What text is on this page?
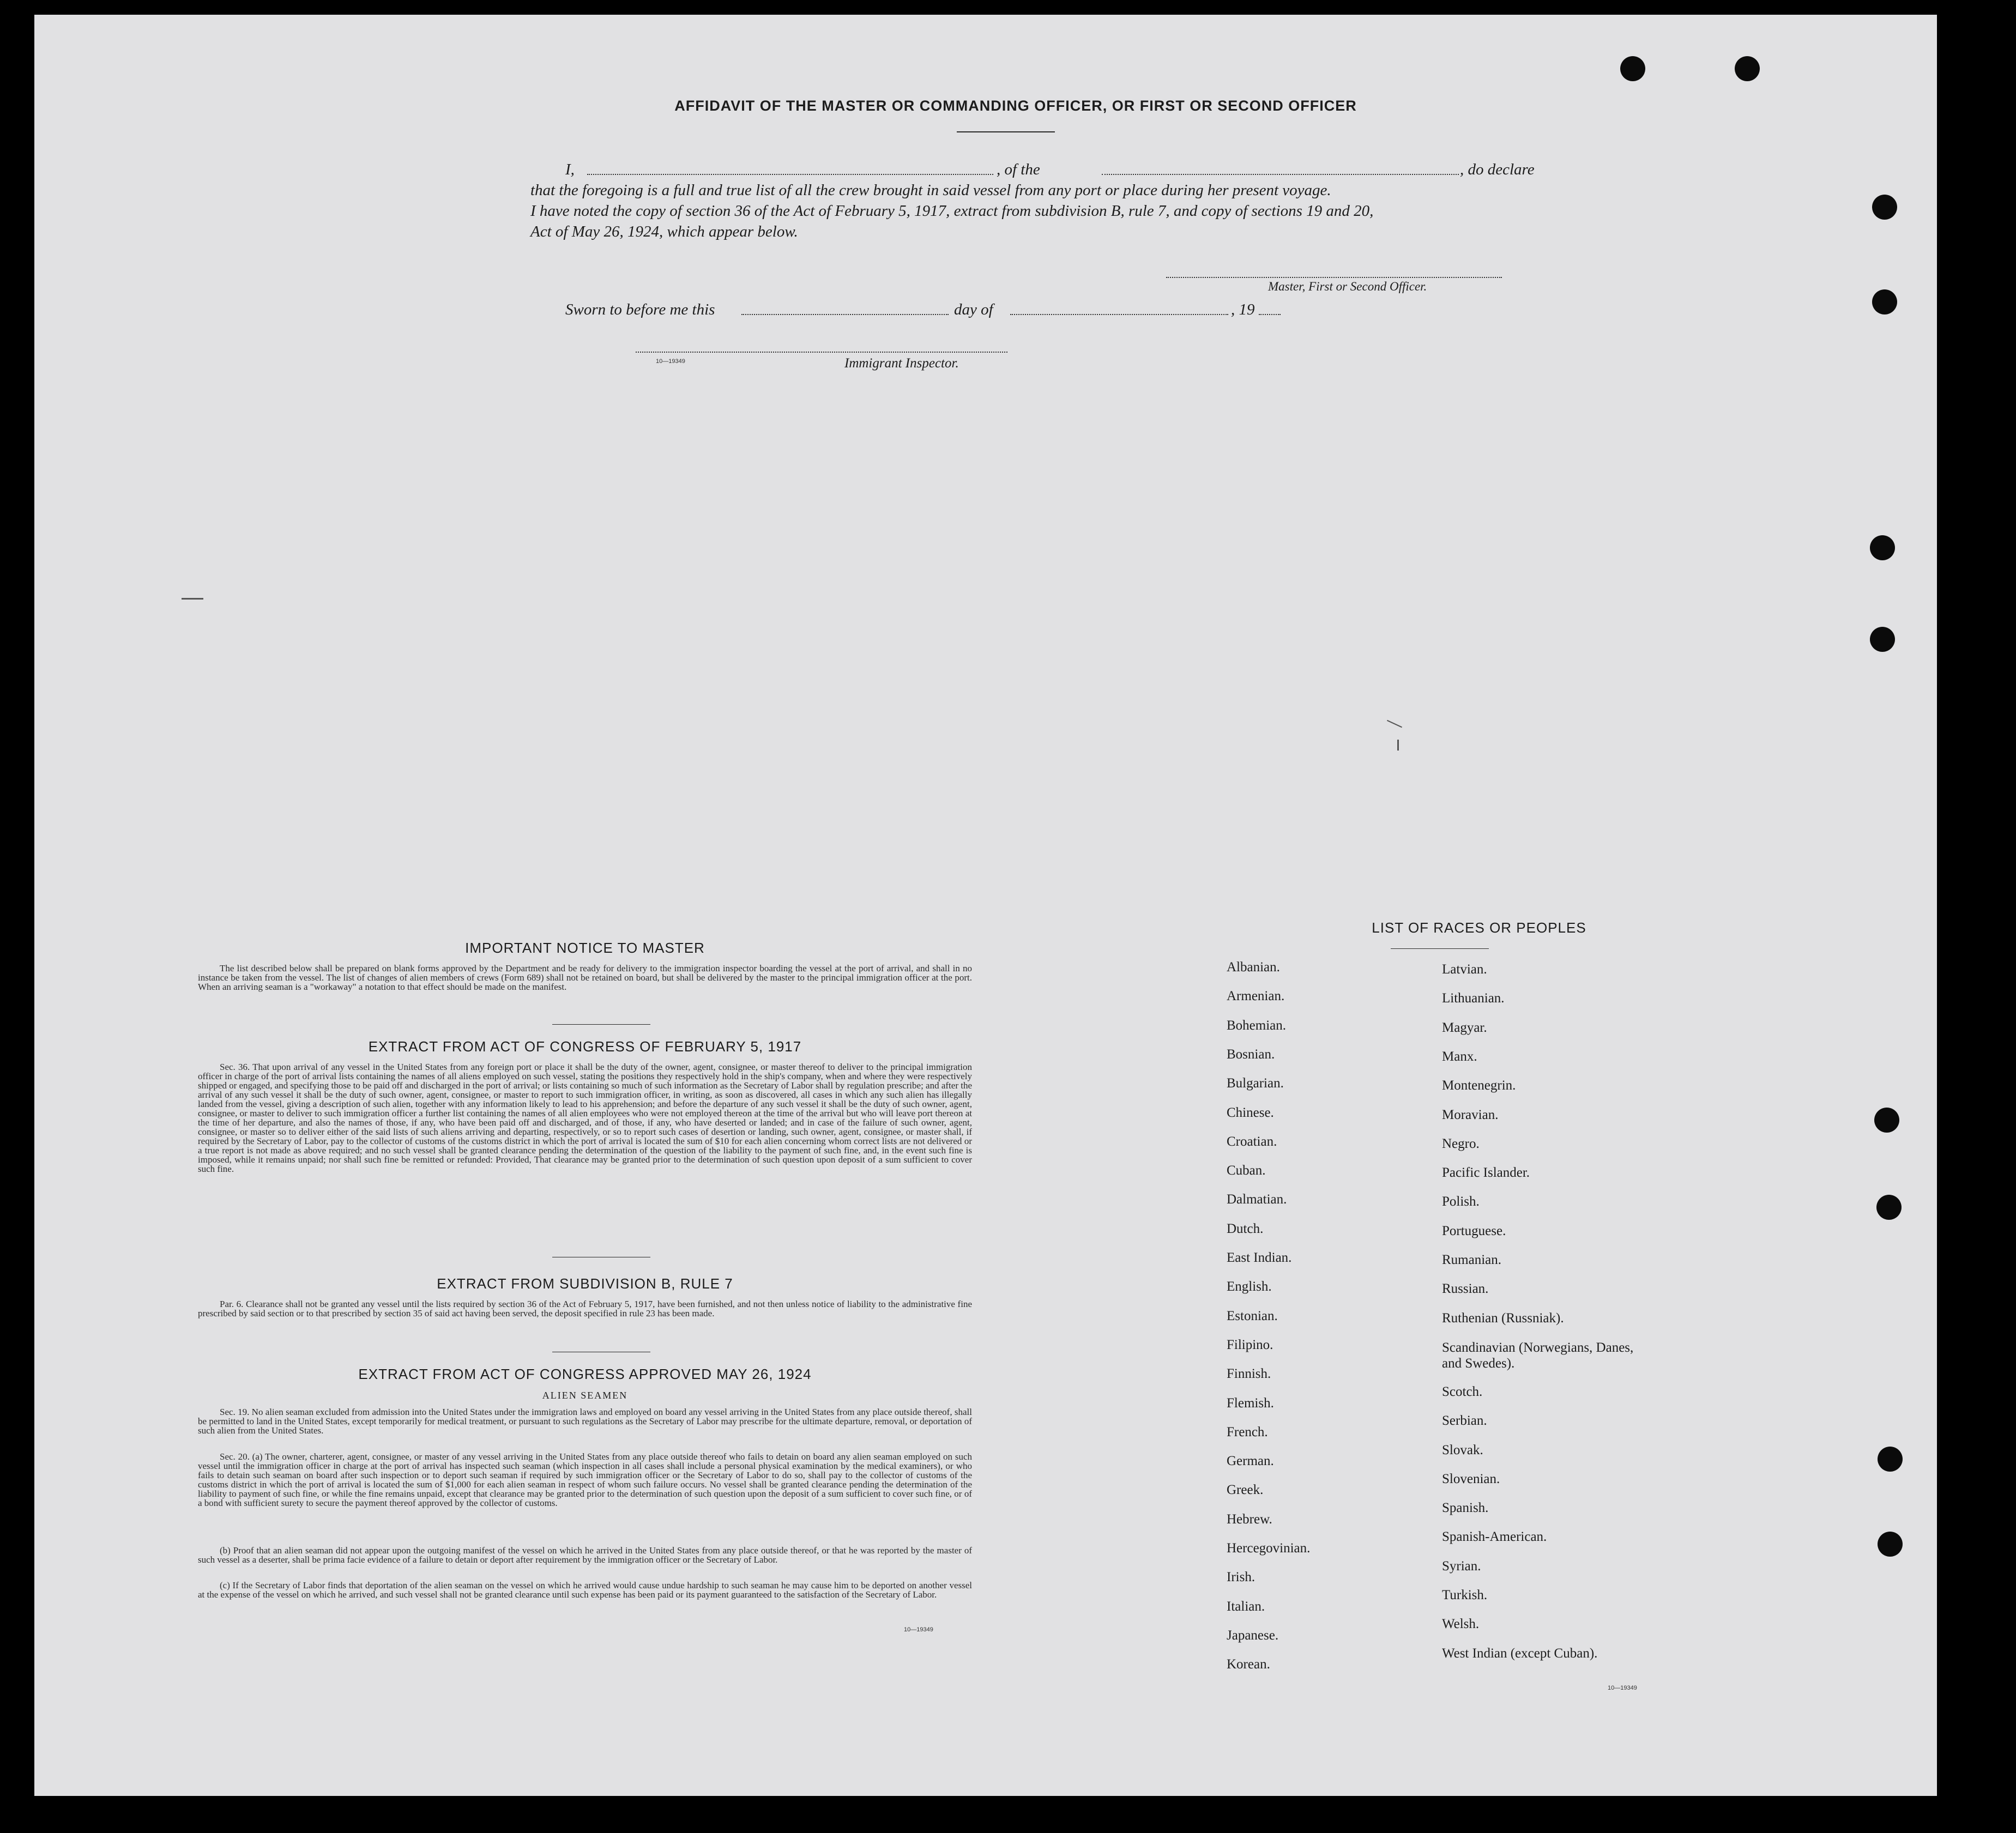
AFFIDAVIT OF THE MASTER OR COMMANDING OFFICER, OR FIRST OR SECOND OFFICER
I,	, of the	, do declare
that the foregoing is a full and true list of all the crew brought in said vessel from any port or place during her present voyage.
I have noted the copy of section 36 of the Act of February 5, 1917, extract from subdivision B, rule 7, and copy of sections 19 and 20,
Act of May 26, 1924, which appear below.
Master, First or Second Officer.
Sworn to before me this	day of	, 19
10—19349	Immigrant Inspector.
IMPORTANT NOTICE TO MASTER
The list described below shall be prepared on blank forms approved by the Department and be ready for delivery to the immigration inspector boarding the vessel at the port of arrival, and shall in no instance be taken from the vessel. The list of changes of alien members of crews (Form 689) shall not be retained on board, but shall be delivered by the master to the principal immigration officer at the port. When an arriving seaman is a "workaway" a notation to that effect should be made on the manifest.
EXTRACT FROM ACT OF CONGRESS OF FEBRUARY 5, 1917
Sec. 36. That upon arrival of any vessel in the United States from any foreign port or place it shall be the duty of the owner, agent, consignee, or master thereof to deliver to the principal immigration officer in charge of the port of arrival lists containing the names of all aliens employed on such vessel, stating the positions they respectively hold in the ship's company, when and where they were respectively shipped or engaged, and specifying those to be paid off and discharged in the port of arrival; or lists containing so much of such information as the Secretary of Labor shall by regulation prescribe; and after the arrival of any such vessel it shall be the duty of such owner, agent, consignee, or master to report to such immigration officer, in writing, as soon as discovered, all cases in which any such alien has illegally landed from the vessel, giving a description of such alien, together with any information likely to lead to his apprehension; and before the departure of any such vessel it shall be the duty of such owner, agent, consignee, or master to deliver to such immigration officer a further list containing the names of all alien employees who were not employed thereon at the time of the arrival but who will leave port thereon at the time of her departure, and also the names of those, if any, who have been paid off and discharged, and of those, if any, who have deserted or landed; and in case of the failure of such owner, agent, consignee, or master so to deliver either of the said lists of such aliens arriving and departing, respectively, or so to report such cases of desertion or landing, such owner, agent, consignee, or master shall, if required by the Secretary of Labor, pay to the collector of customs of the customs district in which the port of arrival is located the sum of $10 for each alien concerning whom correct lists are not delivered or a true report is not made as above required; and no such vessel shall be granted clearance pending the determination of the question of the liability to the payment of such fine, and, in the event such fine is imposed, while it remains unpaid; nor shall such fine be remitted or refunded: Provided, That clearance may be granted prior to the determination of such question upon deposit of a sum sufficient to cover such fine.
EXTRACT FROM SUBDIVISION B, RULE 7
Par. 6. Clearance shall not be granted any vessel until the lists required by section 36 of the Act of February 5, 1917, have been furnished, and not then unless notice of liability to the administrative fine prescribed by said section or to that prescribed by section 35 of said act having been served, the deposit specified in rule 23 has been made.
EXTRACT FROM ACT OF CONGRESS APPROVED MAY 26, 1924
ALIEN SEAMEN
Sec. 19. No alien seaman excluded from admission into the United States under the immigration laws and employed on board any vessel arriving in the United States from any place outside thereof, shall be permitted to land in the United States, except temporarily for medical treatment, or pursuant to such regulations as the Secretary of Labor may prescribe for the ultimate departure, removal, or deportation of such alien from the United States.
Sec. 20. (a) The owner, charterer, agent, consignee, or master of any vessel arriving in the United States from any place outside thereof who fails to detain on board any alien seaman employed on such vessel until the immigration officer in charge at the port of arrival has inspected such seaman (which inspection in all cases shall include a personal physical examination by the medical examiners), or who fails to detain such seaman on board after such inspection or to deport such seaman if required by such immigration officer or the Secretary of Labor to do so, shall pay to the collector of customs of the customs district in which the port of arrival is located the sum of $1,000 for each alien seaman in respect of whom such failure occurs. No vessel shall be granted clearance pending the determination of the liability to payment of such fine, or while the fine remains unpaid, except that clearance may be granted prior to the determination of such question upon the deposit of a sum sufficient to cover such fine, or of a bond with sufficient surety to secure the payment thereof approved by the collector of customs.
(b) Proof that an alien seaman did not appear upon the outgoing manifest of the vessel on which he arrived in the United States from any place outside thereof, or that he was reported by the master of such vessel as a deserter, shall be prima facie evidence of a failure to detain or deport after requirement by the immigration officer or the Secretary of Labor.
(c) If the Secretary of Labor finds that deportation of the alien seaman on the vessel on which he arrived would cause undue hardship to such seaman he may cause him to be deported on another vessel at the expense of the vessel on which he arrived, and such vessel shall not be granted clearance until such expense has been paid or its payment guaranteed to the satisfaction of the Secretary of Labor.
10—19349
LIST OF RACES OR PEOPLES
10—19349
Albanian.
Armenian.
Bohemian.
Bosnian.
Bulgarian.
Chinese.
Croatian.
Cuban.
Dalmatian.
Dutch.
East Indian.
English.
Estonian.
Filipino.
Finnish.
Flemish.
French.
German.
Greek.
Hebrew.
Hercegovinian.
Irish.
Italian.
Japanese.
Korean.
Latvian.
Lithuanian.
Magyar.
Manx.
Montenegrin.
Moravian.
Negro.
Pacific Islander.
Polish.
Portuguese.
Rumanian.
Russian.
Ruthenian (Russniak).
Scandinavian (Norwegians, Danes, and Swedes).
Scotch.
Serbian.
Slovak.
Slovenian.
Spanish.
Spanish-American.
Syrian.
Turkish.
Welsh.
West Indian (except Cuban).
